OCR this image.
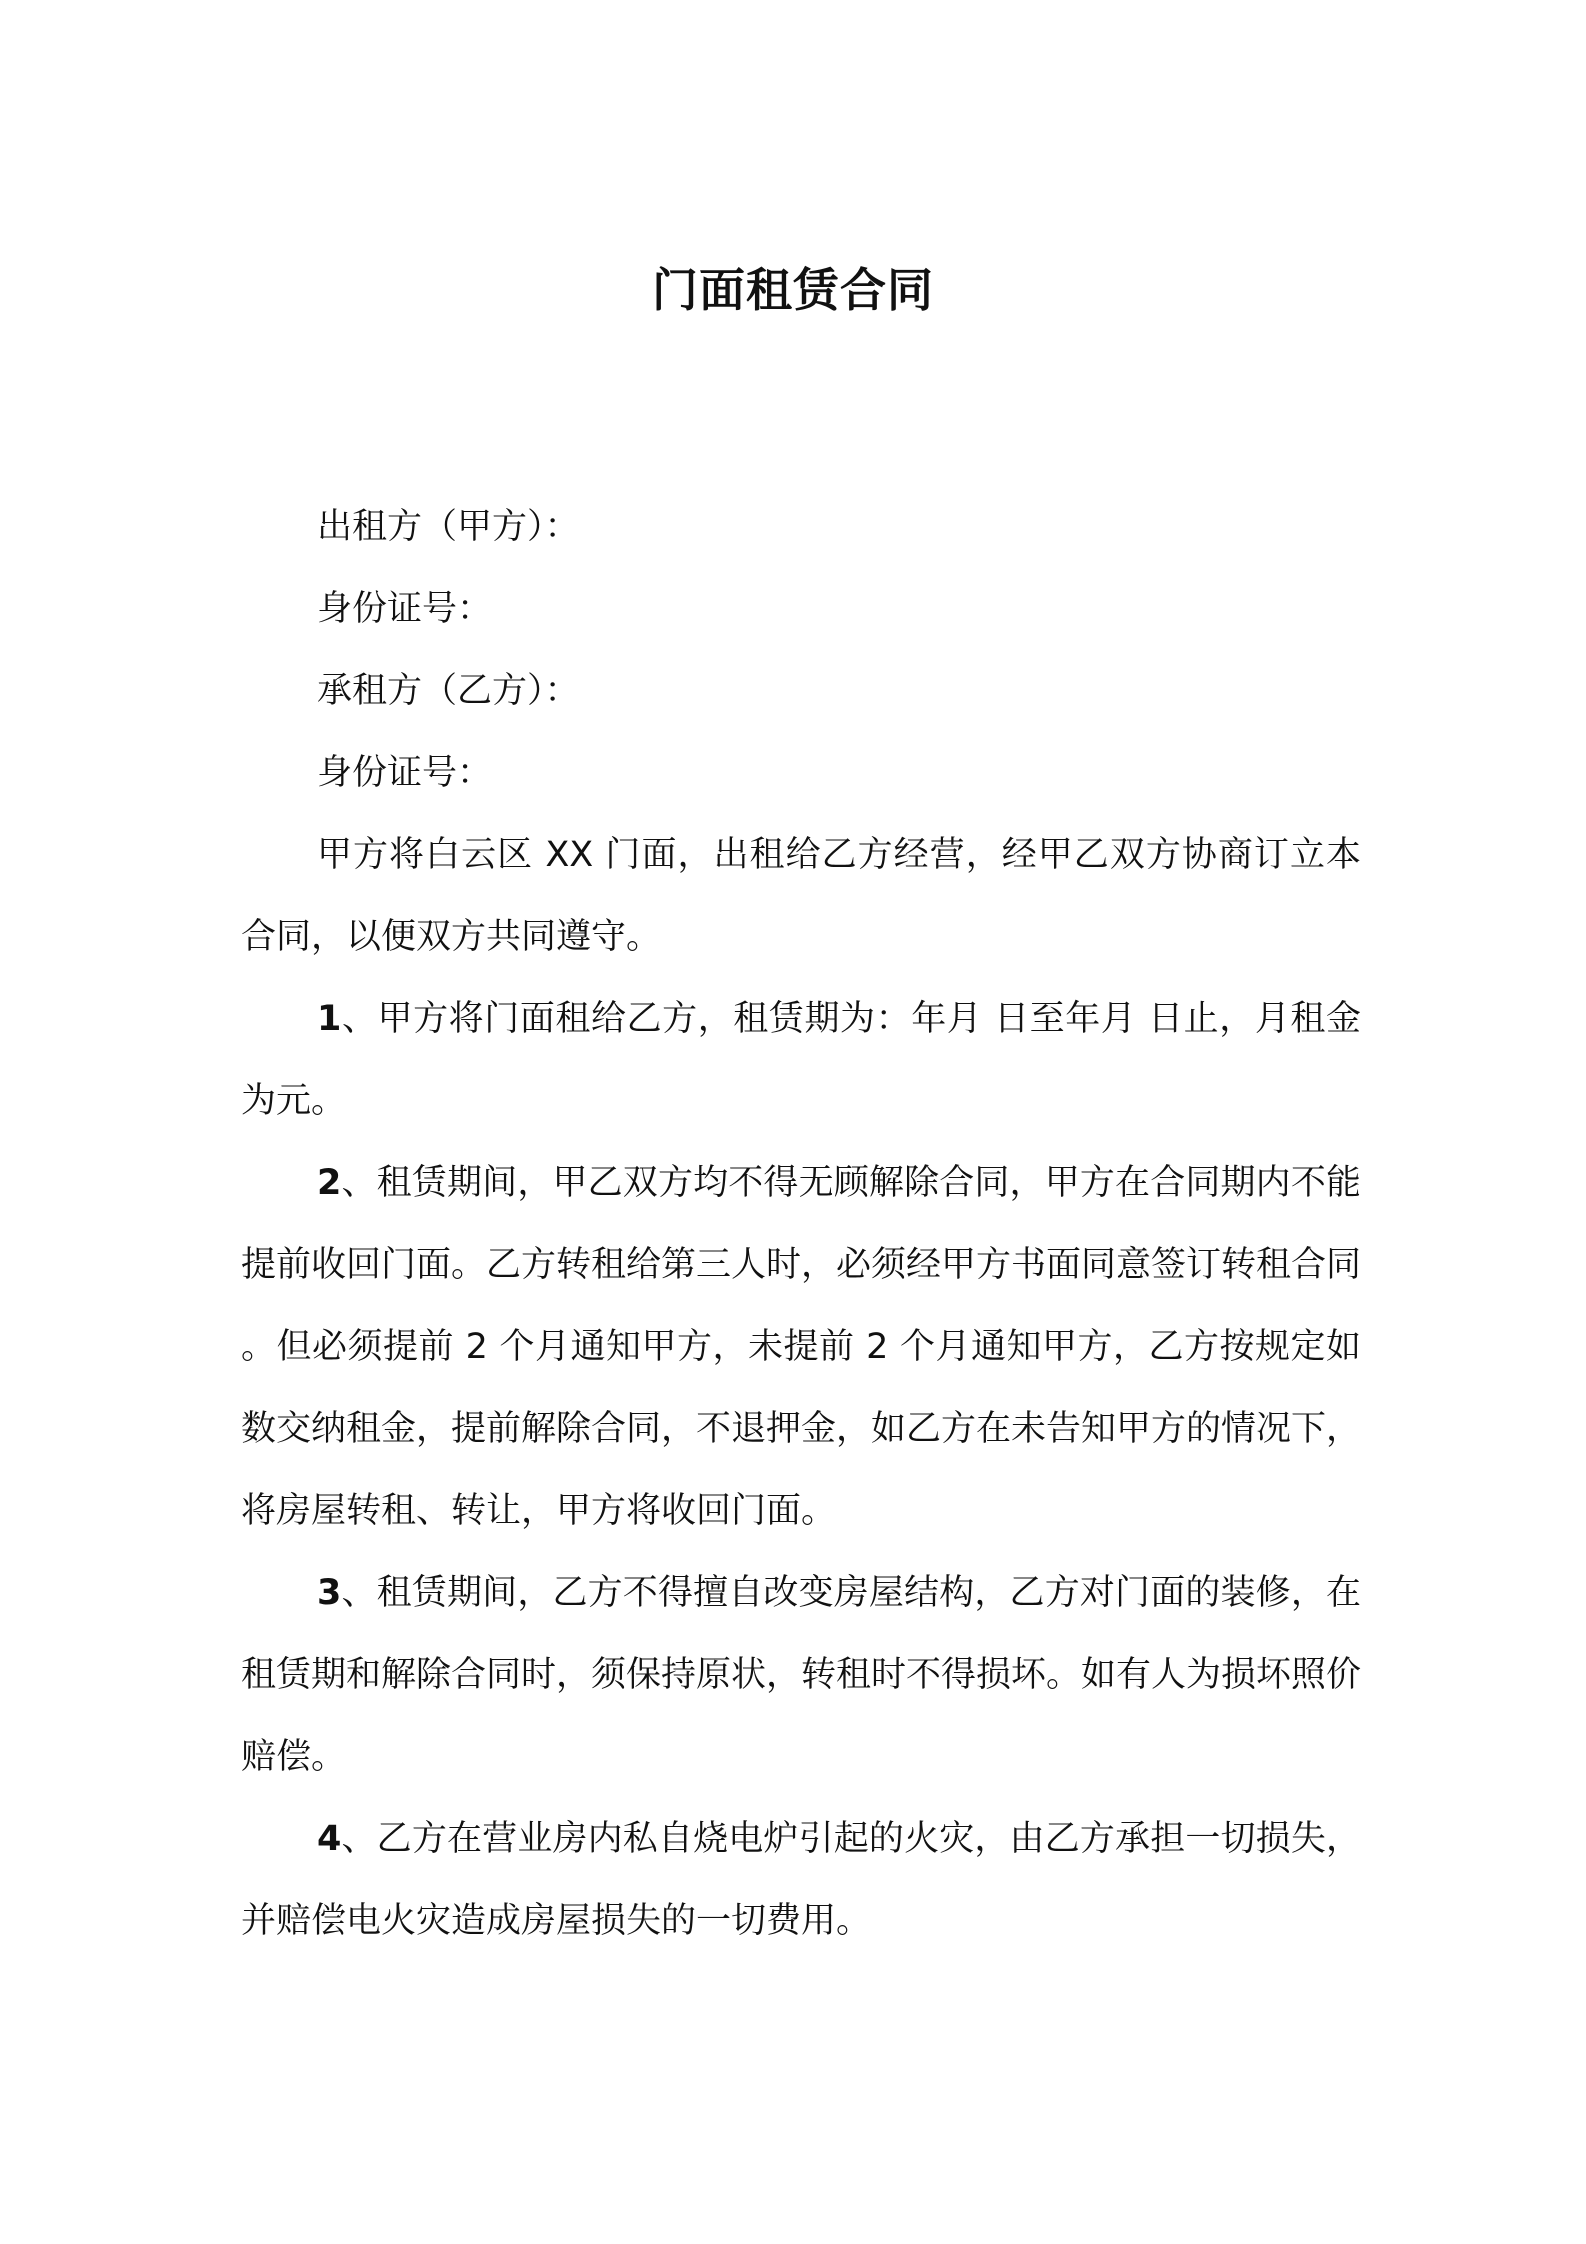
门面租赁合同

出租方（甲方）：

身份证号：

承租方（乙方）：

身份证号：

甲方将白云区 XX 门面，出租给乙方经营，经甲乙双方协商订立本合同，以便双方共同遵守。

1、甲方将门面租给乙方，租赁期为：年月 日至年月 日止，月租金为元。

2、租赁期间，甲乙双方均不得无顾解除合同，甲方在合同期内不能提前收回门面。乙方转租给第三人时，必须经甲方书面同意签订转租合同。但必须提前 2 个月通知甲方，未提前 2 个月通知甲方，乙方按规定如数交纳租金，提前解除合同，不退押金，如乙方在未告知甲方的情况下，将房屋转租、转让，甲方将收回门面。

3、租赁期间，乙方不得擅自改变房屋结构，乙方对门面的装修，在租赁期和解除合同时，须保持原状，转租时不得损坏。如有人为损坏照价赔偿。

4、乙方在营业房内私自烧电炉引起的火灾，由乙方承担一切损失，并赔偿电火灾造成房屋损失的一切费用。
